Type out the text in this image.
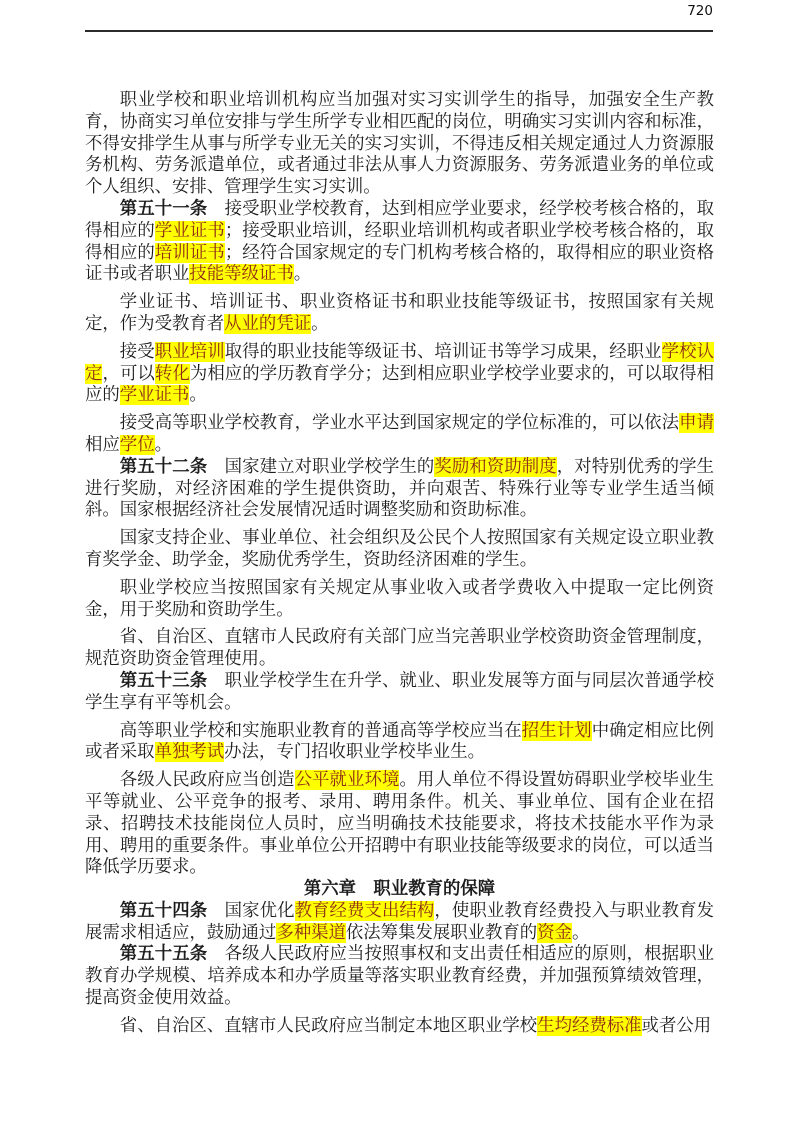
720

职业学校和职业培训机构应当加强对实习实训学生的指导，加强安全生产教育，协商实习单位安排与学生所学专业相匹配的岗位，明确实习实训内容和标准，不得安排学生从事与所学专业无关的实习实训，不得违反相关规定通过人力资源服务机构、劳务派遣单位，或者通过非法从事人力资源服务、劳务派遣业务的单位或个人组织、安排、管理学生实习实训。

第五十一条　接受职业学校教育，达到相应学业要求，经学校考核合格的，取得相应的学业证书；接受职业培训，经职业培训机构或者职业学校考核合格的，取得相应的培训证书；经符合国家规定的专门机构考核合格的，取得相应的职业资格证书或者职业技能等级证书。

学业证书、培训证书、职业资格证书和职业技能等级证书，按照国家有关规定，作为受教育者从业的凭证。

接受职业培训取得的职业技能等级证书、培训证书等学习成果，经职业学校认定，可以转化为相应的学历教育学分；达到相应职业学校学业要求的，可以取得相应的学业证书。

接受高等职业学校教育，学业水平达到国家规定的学位标准的，可以依法申请相应学位。

第五十二条　国家建立对职业学校学生的奖励和资助制度，对特别优秀的学生进行奖励，对经济困难的学生提供资助，并向艰苦、特殊行业等专业学生适当倾斜。国家根据经济社会发展情况适时调整奖励和资助标准。

国家支持企业、事业单位、社会组织及公民个人按照国家有关规定设立职业教育奖学金、助学金，奖励优秀学生，资助经济困难的学生。

职业学校应当按照国家有关规定从事业收入或者学费收入中提取一定比例资金，用于奖励和资助学生。

省、自治区、直辖市人民政府有关部门应当完善职业学校资助资金管理制度，规范资助资金管理使用。

第五十三条　职业学校学生在升学、就业、职业发展等方面与同层次普通学校学生享有平等机会。

高等职业学校和实施职业教育的普通高等学校应当在招生计划中确定相应比例或者采取单独考试办法，专门招收职业学校毕业生。

各级人民政府应当创造公平就业环境。用人单位不得设置妨碍职业学校毕业生平等就业、公平竞争的报考、录用、聘用条件。机关、事业单位、国有企业在招录、招聘技术技能岗位人员时，应当明确技术技能要求，将技术技能水平作为录用、聘用的重要条件。事业单位公开招聘中有职业技能等级要求的岗位，可以适当降低学历要求。

第六章　职业教育的保障

第五十四条　国家优化教育经费支出结构，使职业教育经费投入与职业教育发展需求相适应，鼓励通过多种渠道依法筹集发展职业教育的资金。

第五十五条　各级人民政府应当按照事权和支出责任相适应的原则，根据职业教育办学规模、培养成本和办学质量等落实职业教育经费，并加强预算绩效管理，提高资金使用效益。

省、自治区、直辖市人民政府应当制定本地区职业学校生均经费标准或者公用
